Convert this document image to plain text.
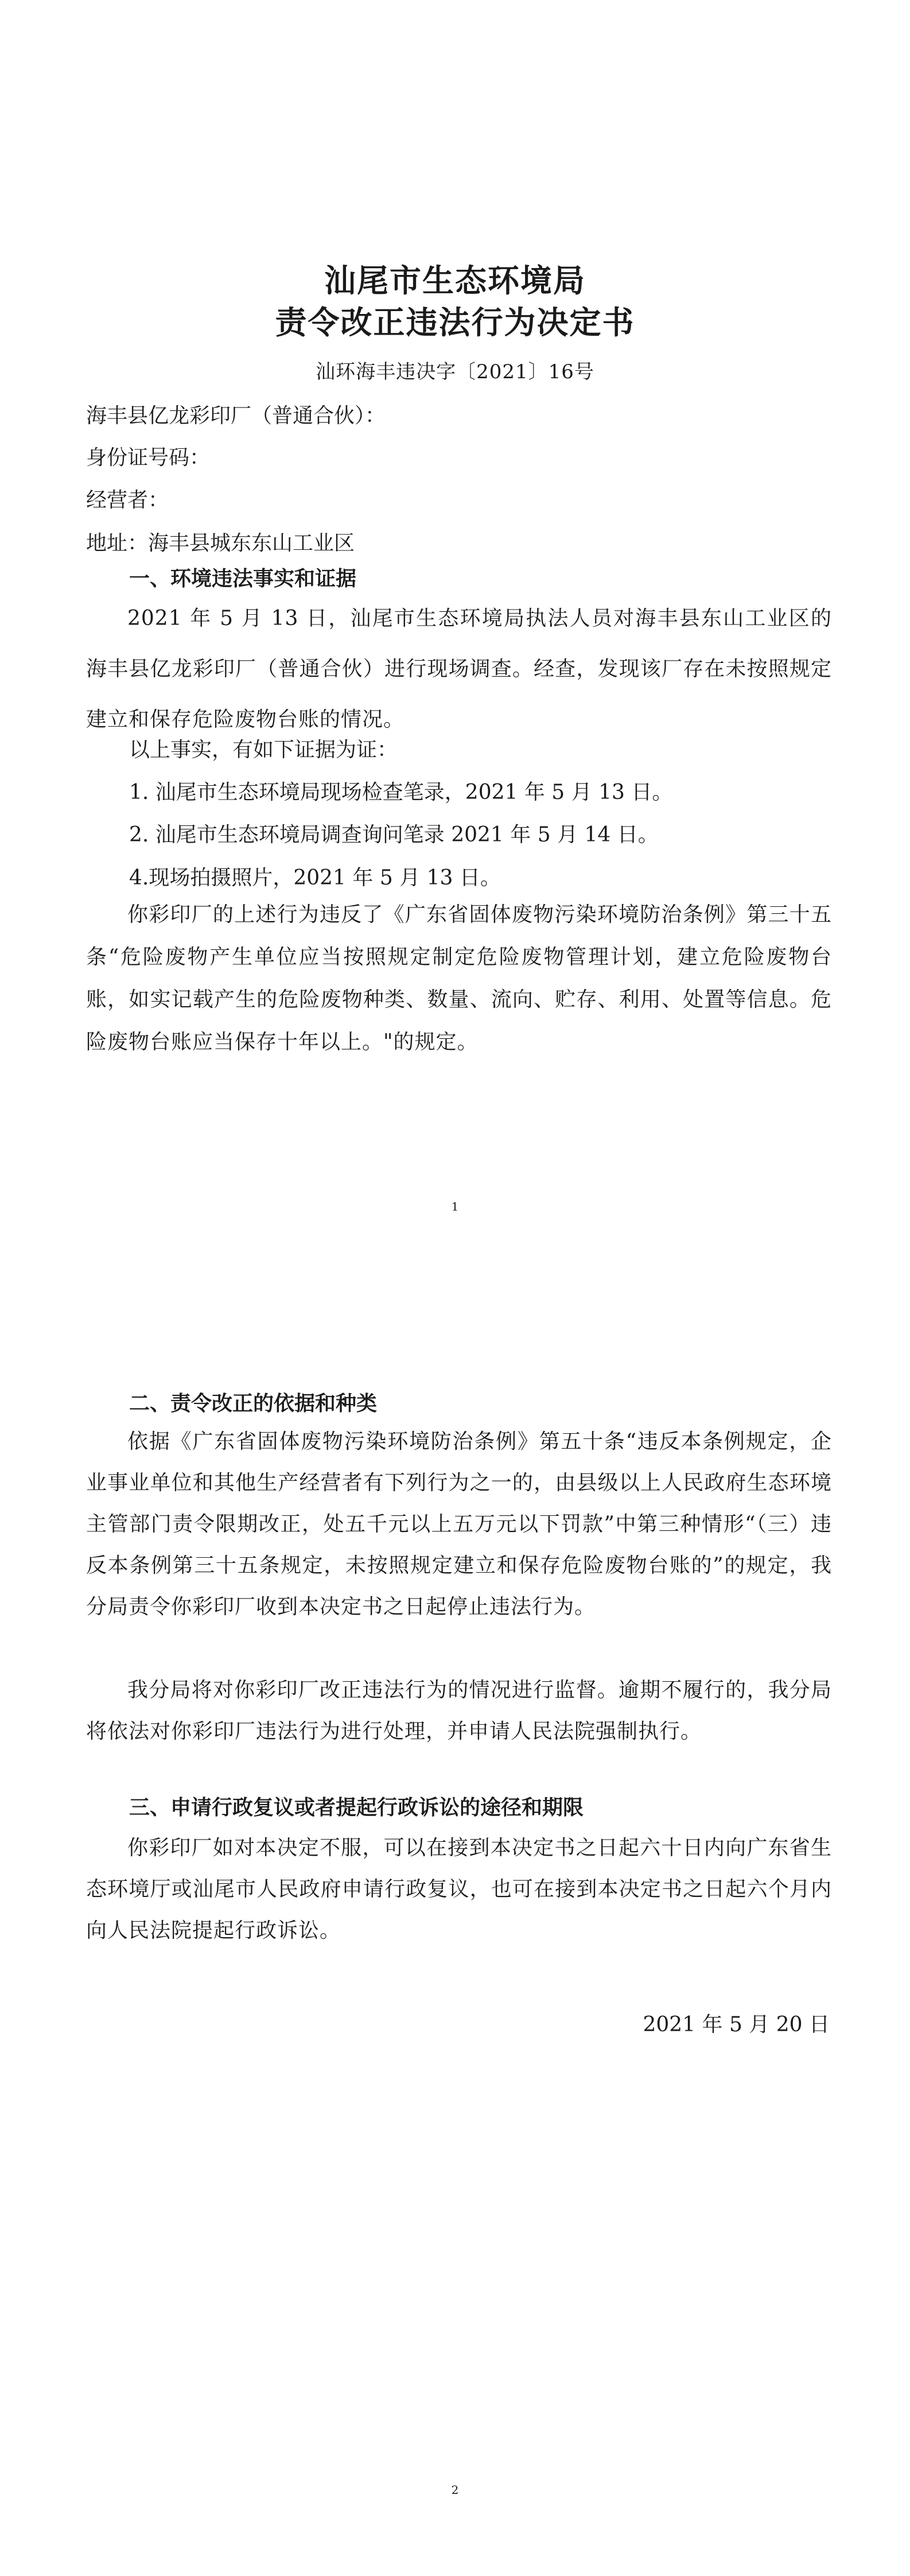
汕尾市生态环境局
责令改正违法行为决定书
汕环海丰违决字〔2021〕16号
海丰县亿龙彩印厂（普通合伙）：
身份证号码：
经营者：
地址：海丰县城东东山工业区
一、环境违法事实和证据
2021 年 5 月 13 日，汕尾市生态环境局执法人员对海丰县东山工业区的海丰县亿龙彩印厂（普通合伙）进行现场调查。经查，发现该厂存在未按照规定建立和保存危险废物台账的情况。
以上事实，有如下证据为证：
1. 汕尾市生态环境局现场检查笔录，2021 年 5 月 13 日。
2. 汕尾市生态环境局调查询问笔录 2021 年 5 月 14 日。
4.现场拍摄照片，2021 年 5 月 13 日。
你彩印厂的上述行为违反了《广东省固体废物污染环境防治条例》第三十五条“危险废物产生单位应当按照规定制定危险废物管理计划，建立危险废物台账，如实记载产生的危险废物种类、数量、流向、贮存、利用、处置等信息。危险废物台账应当保存十年以上。"的规定。
1
二、责令改正的依据和种类
依据《广东省固体废物污染环境防治条例》第五十条“违反本条例规定，企业事业单位和其他生产经营者有下列行为之一的，由县级以上人民政府生态环境主管部门责令限期改正，处五千元以上五万元以下罚款”中第三种情形“（三）违反本条例第三十五条规定，未按照规定建立和保存危险废物台账的”的规定，我分局责令你彩印厂收到本决定书之日起停止违法行为。
我分局将对你彩印厂改正违法行为的情况进行监督。逾期不履行的，我分局将依法对你彩印厂违法行为进行处理，并申请人民法院强制执行。
三、申请行政复议或者提起行政诉讼的途径和期限
你彩印厂如对本决定不服，可以在接到本决定书之日起六十日内向广东省生态环境厅或汕尾市人民政府申请行政复议，也可在接到本决定书之日起六个月内向人民法院提起行政诉讼。
2021 年 5 月 20 日
2
